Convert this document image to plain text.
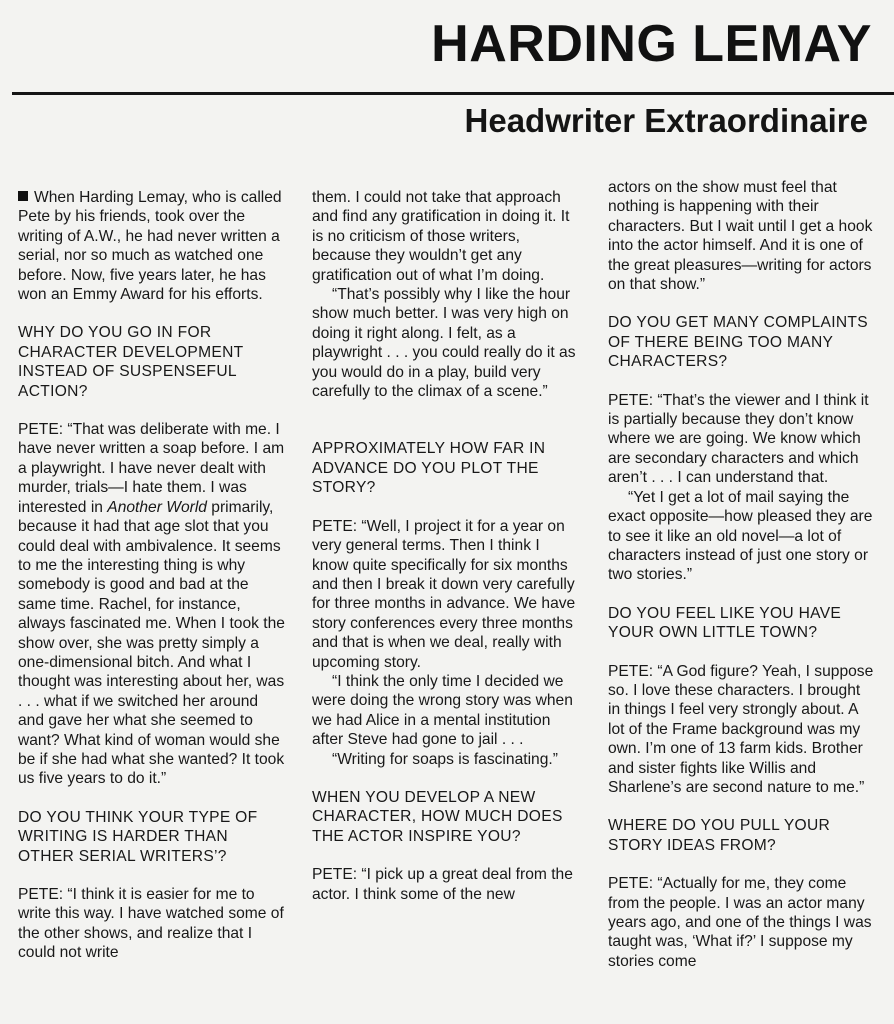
HARDING LEMAY
Headwriter Extraordinaire

When Harding Lemay, who is called Pete by his friends, took over the writing of A.W., he had never written a serial, nor so much as watched one before. Now, five years later, he has won an Emmy Award for his efforts.

WHY DO YOU GO IN FOR CHARACTER DEVELOPMENT INSTEAD OF SUSPENSEFUL ACTION?

PETE: “That was deliberate with me. I have never written a soap before. I am a playwright. I have never dealt with murder, trials—I hate them. I was interested in Another World primarily, because it had that age slot that you could deal with ambivalence. It seems to me the interesting thing is why somebody is good and bad at the same time. Rachel, for instance, always fascinated me. When I took the show over, she was pretty simply a one-dimensional bitch. And what I thought was interesting about her, was . . . what if we switched her around and gave her what she seemed to want? What kind of woman would she be if she had what she wanted? It took us five years to do it.”

DO YOU THINK YOUR TYPE OF WRITING IS HARDER THAN OTHER SERIAL WRITERS’?

PETE: “I think it is easier for me to write this way. I have watched some of the other shows, and realize that I could not write

them. I could not take that approach and find any gratification in doing it. It is no criticism of those writers, because they wouldn’t get any gratification out of what I’m doing.

“That’s possibly why I like the hour show much better. I was very high on doing it right along. I felt, as a playwright . . . you could really do it as you would do in a play, build very carefully to the climax of a scene.”

APPROXIMATELY HOW FAR IN ADVANCE DO YOU PLOT THE STORY?

PETE: “Well, I project it for a year on very general terms. Then I think I know quite specifically for six months and then I break it down very carefully for three months in advance. We have story conferences every three months and that is when we deal, really with upcoming story.

“I think the only time I decided we were doing the wrong story was when we had Alice in a mental institution after Steve had gone to jail . . .

“Writing for soaps is fascinating.”

WHEN YOU DEVELOP A NEW CHARACTER, HOW MUCH DOES THE ACTOR INSPIRE YOU?

PETE: “I pick up a great deal from the actor. I think some of the new

actors on the show must feel that nothing is happening with their characters. But I wait until I get a hook into the actor himself. And it is one of the great pleasures—writing for actors on that show.”

DO YOU GET MANY COMPLAINTS OF THERE BEING TOO MANY CHARACTERS?

PETE: “That’s the viewer and I think it is partially because they don’t know where we are going. We know which are secondary characters and which aren’t . . . I can understand that.

“Yet I get a lot of mail saying the exact opposite—how pleased they are to see it like an old novel—a lot of characters instead of just one story or two stories.”

DO YOU FEEL LIKE YOU HAVE YOUR OWN LITTLE TOWN?

PETE: “A God figure? Yeah, I suppose so. I love these characters. I brought in things I feel very strongly about. A lot of the Frame background was my own. I’m one of 13 farm kids. Brother and sister fights like Willis and Sharlene’s are second nature to me.”

WHERE DO YOU PULL YOUR STORY IDEAS FROM?

PETE: “Actually for me, they come from the people. I was an actor many years ago, and one of the things I was taught was, ‘What if?’ I suppose my stories come
